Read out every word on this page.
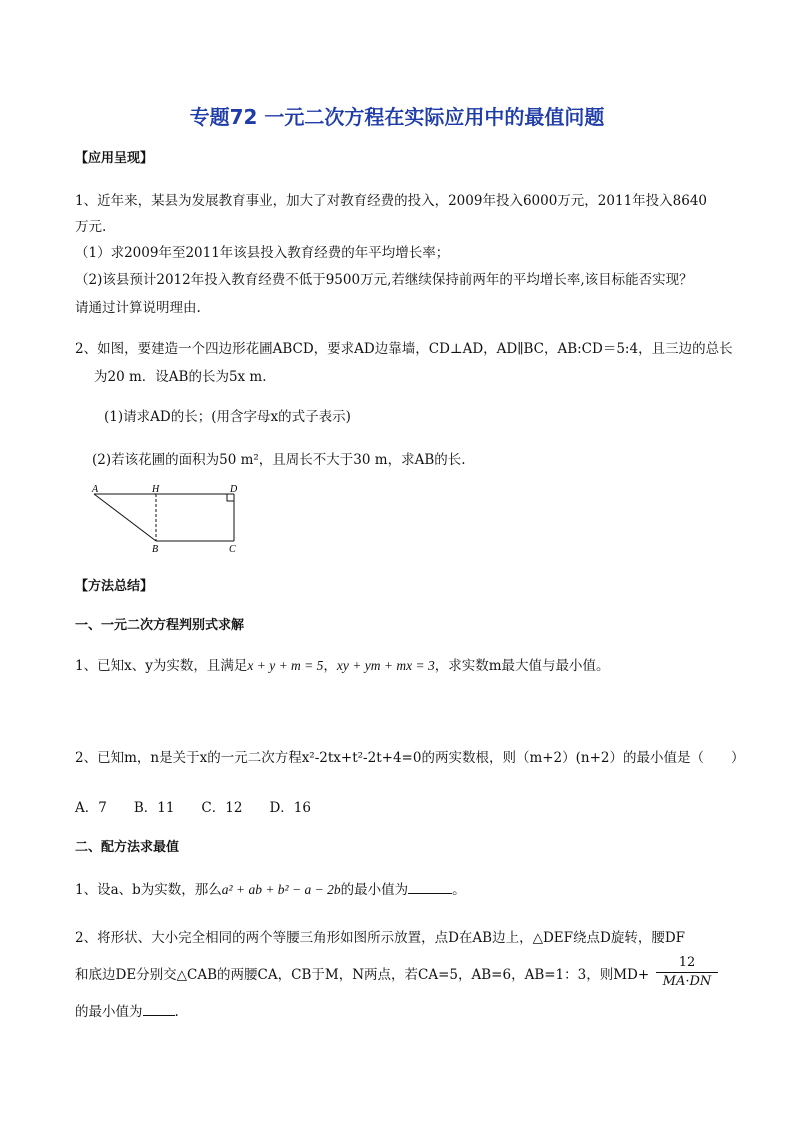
专题72 一元二次方程在实际应用中的最值问题
【应用呈现】
1、近年来，某县为发展教育事业，加大了对教育经费的投入，2009年投入6000万元，2011年投入8640
万元.
（1）求2009年至2011年该县投入教育经费的年平均增长率；
（2)该县预计2012年投入教育经费不低于9500万元,若继续保持前两年的平均增长率,该目标能否实现？
请通过计算说明理由.
2、如图，要建造一个四边形花圃ABCD，要求AD边靠墙，CD⊥AD，AD∥BC，AB:CD＝5:4，且三边的总长
为20 m．设AB的长为5x m.
(1)请求AD的长；(用含字母x的式子表示)
(2)若该花圃的面积为50 m²，且周长不大于30 m，求AB的长.
A	H	D
B	C
【方法总结】
一、一元二次方程判别式求解
1、已知x、y为实数，且满足x + y + m = 5，xy + ym + mx = 3，求实数m最大值与最小值。
2、已知m，n是关于x的一元二次方程x²-2tx+t²-2t+4=0的两实数根，则（m+2）(n+2）的最小值是（　　）
A．7　　B．11　　C．12　　D．16
二、配方法求最值
1、设a、b为实数，那么a² + ab + b² − a − 2b的最小值为	。
2、将形状、大小完全相同的两个等腰三角形如图所示放置，点D在AB边上，△DEF绕点D旋转，腰DF
和底边DE分别交△CAB的两腰CA，CB于M，N两点，若CA=5，AB=6，AB=1：3，则MD+
12
MA·DN
的最小值为 .
